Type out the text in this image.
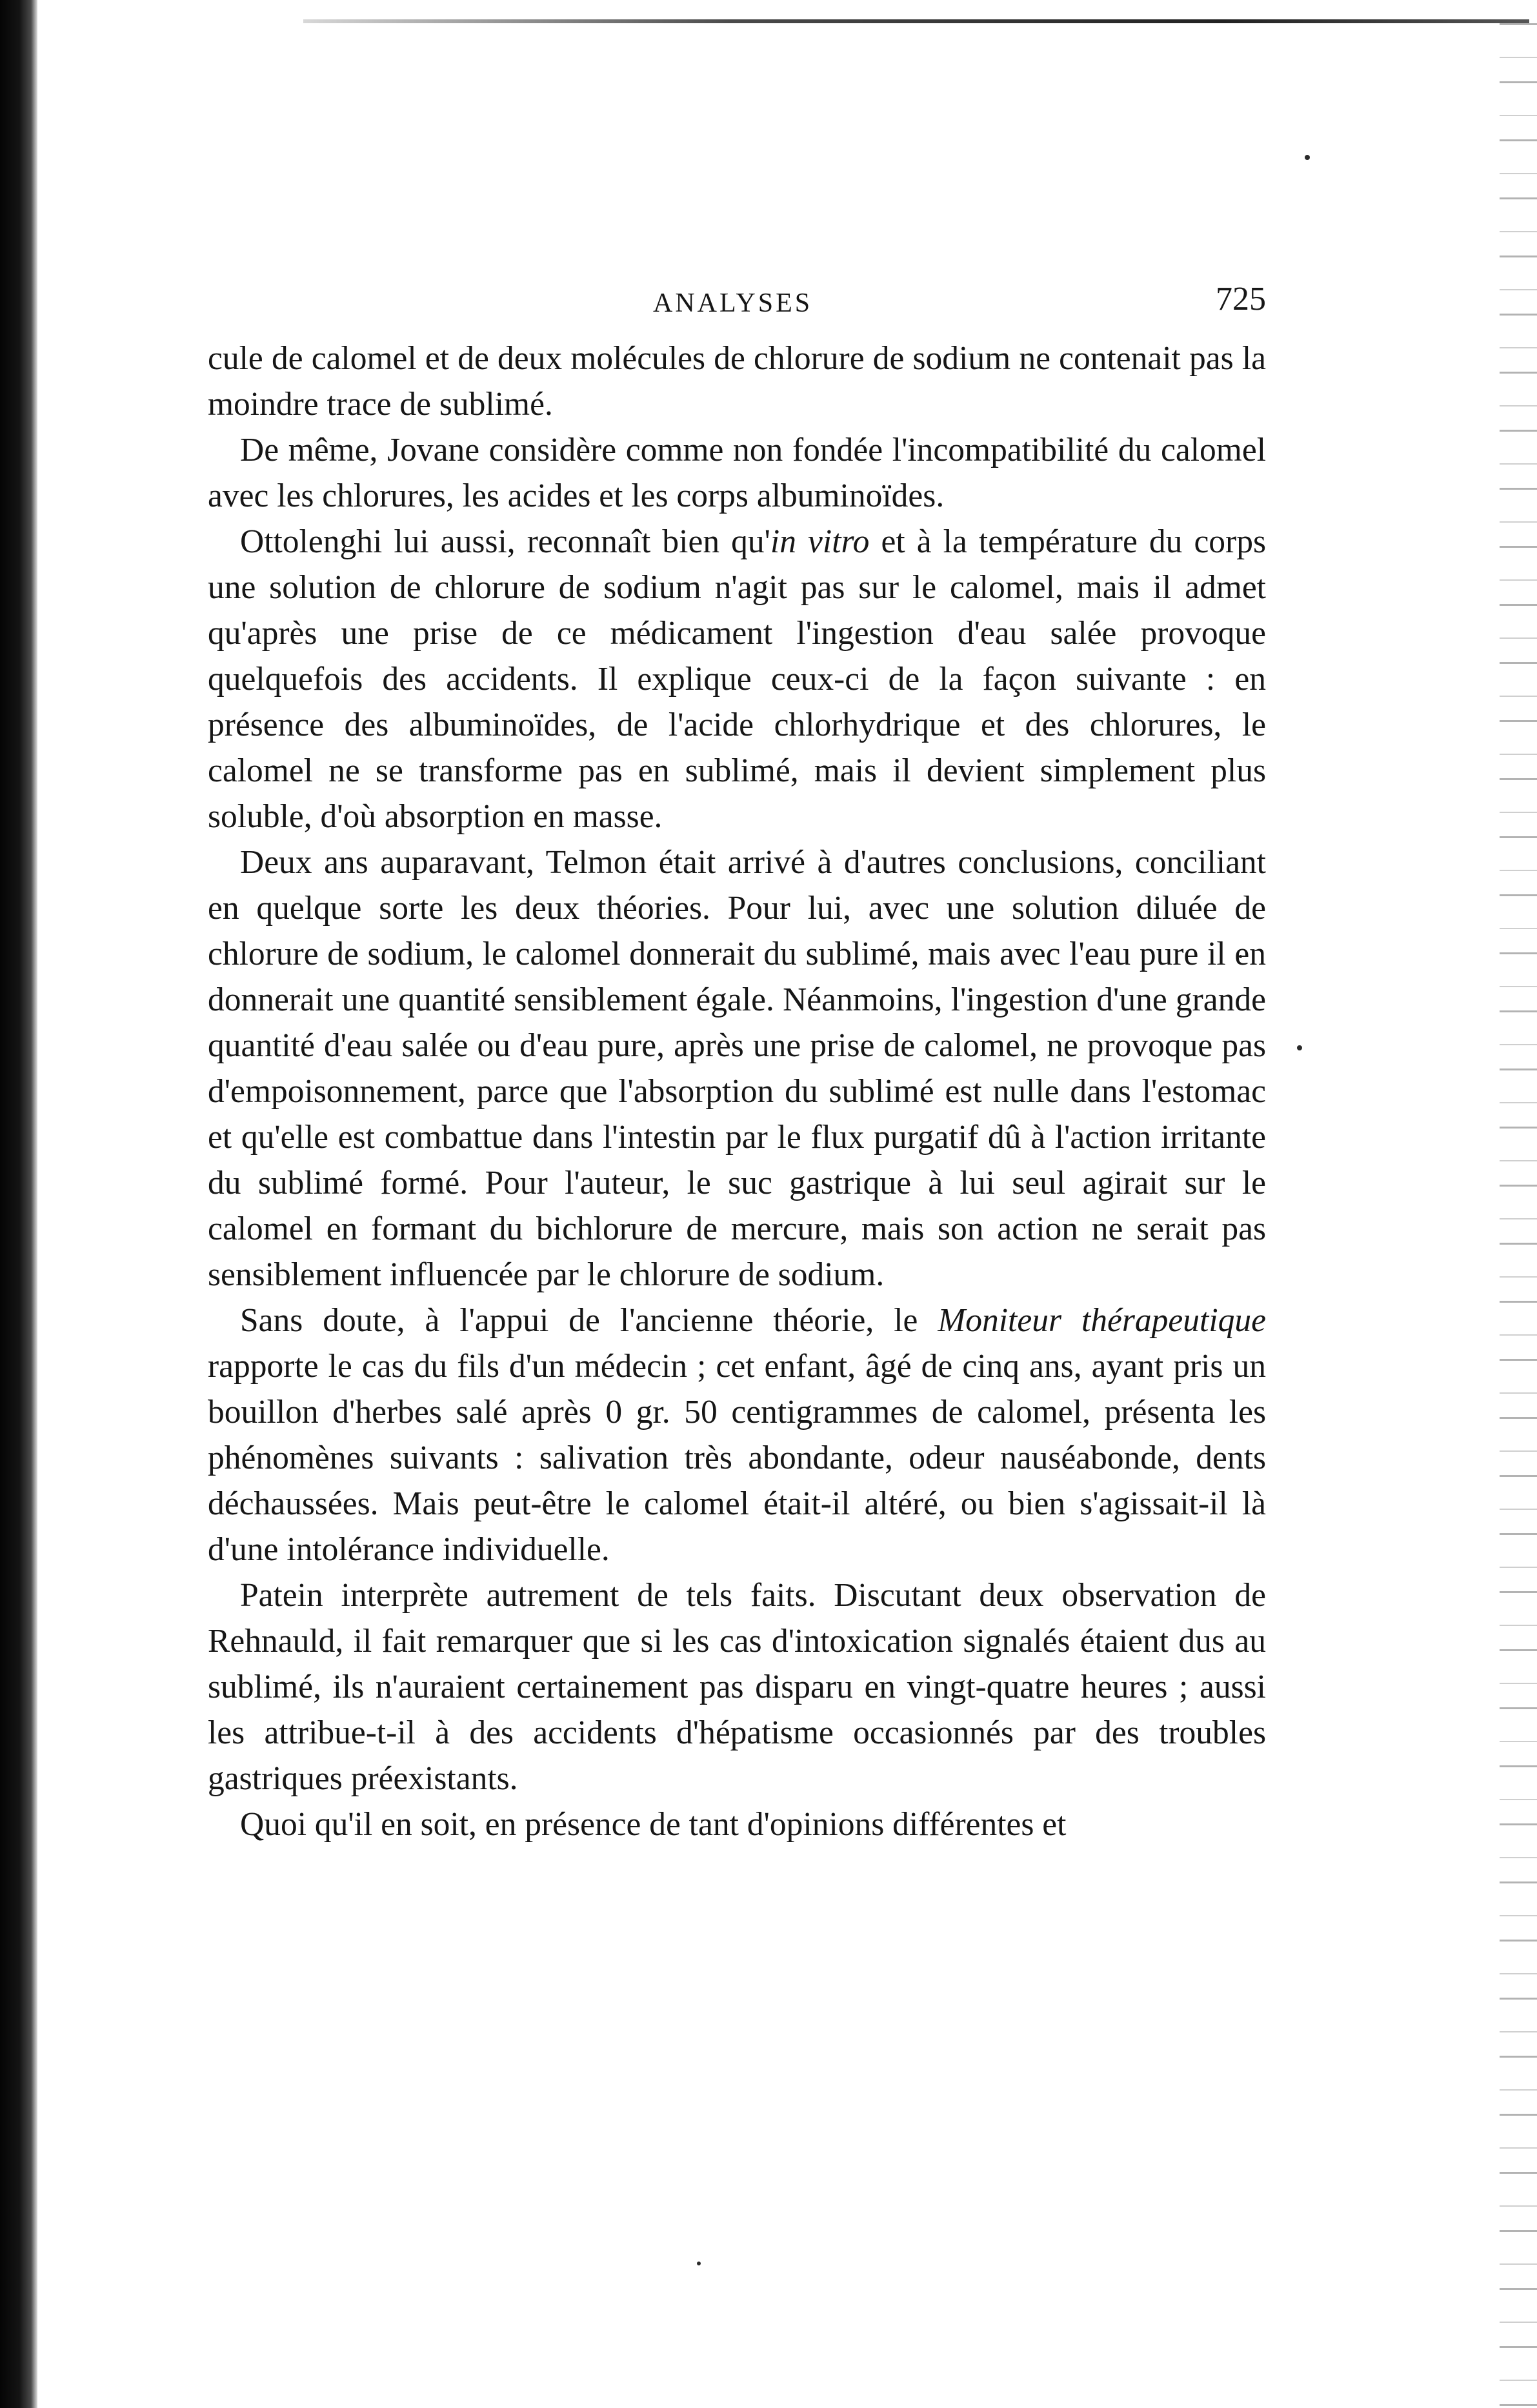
ANALYSES	725

cule de calomel et de deux molécules de chlorure de sodium ne contenait pas la moindre trace de sublimé.

De même, Jovane considère comme non fondée l'incompatibilité du calomel avec les chlorures, les acides et les corps albuminoïdes.

Ottolenghi lui aussi, reconnaît bien qu'in vitro et à la température du corps une solution de chlorure de sodium n'agit pas sur le calomel, mais il admet qu'après une prise de ce médicament l'ingestion d'eau salée provoque quelquefois des accidents. Il explique ceux-ci de la façon suivante : en présence des albuminoïdes, de l'acide chlorhydrique et des chlorures, le calomel ne se transforme pas en sublimé, mais il devient simplement plus soluble, d'où absorption en masse.

Deux ans auparavant, Telmon était arrivé à d'autres conclusions, conciliant en quelque sorte les deux théories. Pour lui, avec une solution diluée de chlorure de sodium, le calomel donnerait du sublimé, mais avec l'eau pure il en donnerait une quantité sensiblement égale. Néanmoins, l'ingestion d'une grande quantité d'eau salée ou d'eau pure, après une prise de calomel, ne provoque pas d'empoisonnement, parce que l'absorption du sublimé est nulle dans l'estomac et qu'elle est combattue dans l'intestin par le flux purgatif dû à l'action irritante du sublimé formé. Pour l'auteur, le suc gastrique à lui seul agirait sur le calomel en formant du bichlorure de mercure, mais son action ne serait pas sensiblement influencée par le chlorure de sodium.

Sans doute, à l'appui de l'ancienne théorie, le Moniteur thérapeutique rapporte le cas du fils d'un médecin ; cet enfant, âgé de cinq ans, ayant pris un bouillon d'herbes salé après 0 gr. 50 centigrammes de calomel, présenta les phénomènes suivants : salivation très abondante, odeur nauséabonde, dents déchaussées. Mais peut-être le calomel était-il altéré, ou bien s'agissait-il là d'une intolérance individuelle.

Patein interprète autrement de tels faits. Discutant deux observation de Rehnauld, il fait remarquer que si les cas d'intoxication signalés étaient dus au sublimé, ils n'auraient certainement pas disparu en vingt-quatre heures ; aussi les attribue-t-il à des accidents d'hépatisme occasionnés par des troubles gastriques préexistants.

Quoi qu'il en soit, en présence de tant d'opinions différentes et
